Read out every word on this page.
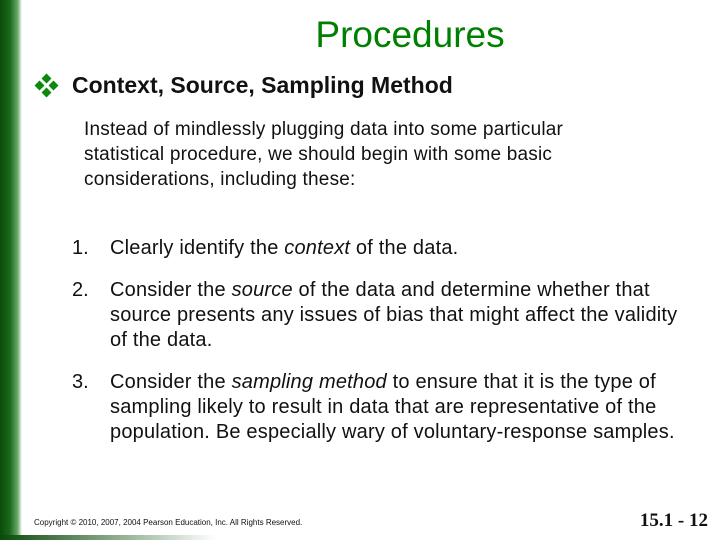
Procedures
Context, Source, Sampling Method
Instead of mindlessly plugging data into some particular statistical procedure, we should begin with some basic considerations, including these:
1.	Clearly identify the context of the data.
2.	Consider the source of the data and determine whether that source presents any issues of bias that might affect the validity of the data.
3.	Consider the sampling method to ensure that it is the type of sampling likely to result in data that are representative of the population. Be especially wary of voluntary-response samples.
Copyright © 2010, 2007, 2004 Pearson Education, Inc. All Rights Reserved.	15.1 - 12
